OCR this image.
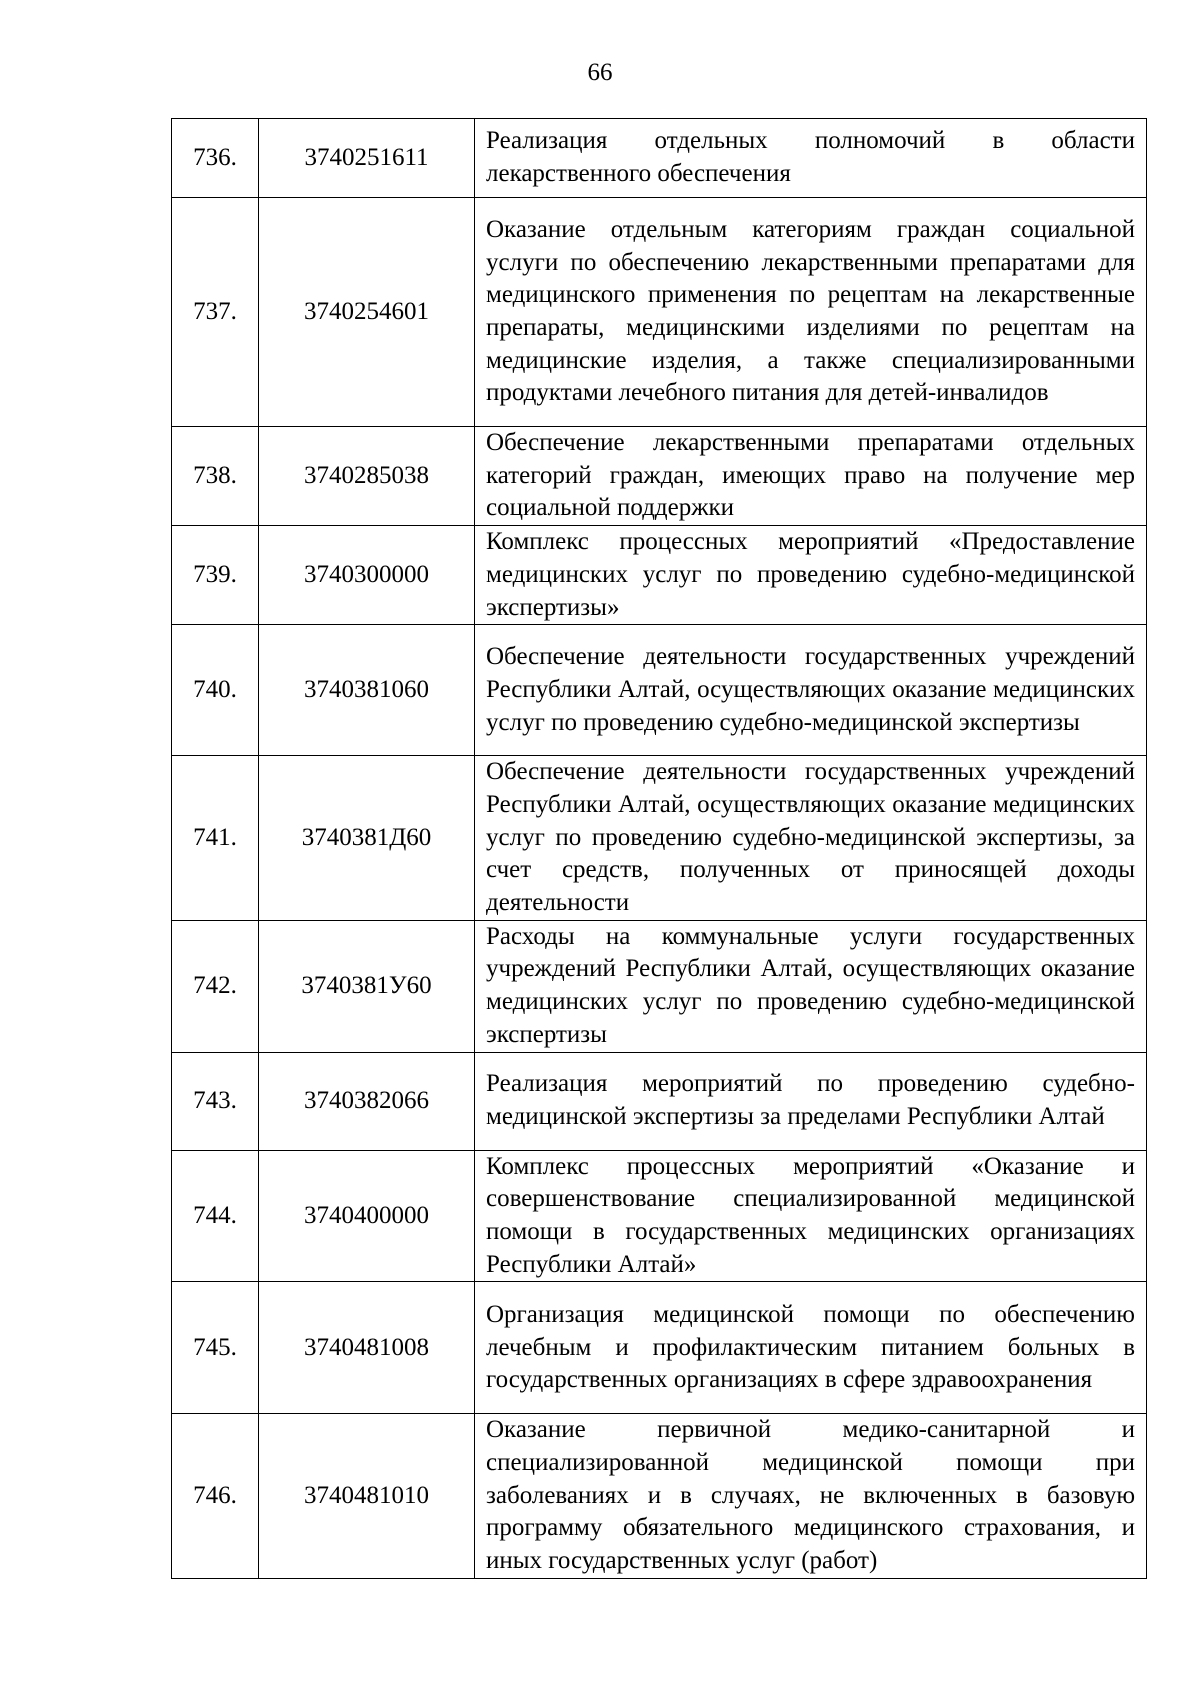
66
736.	3740251611	Реализация отдельных полномочий в области лекарственного обеспечения

737.	3740254601	Оказание отдельным категориям граждан социальной услуги по обеспечению лекарственными препаратами для медицинского применения по рецептам на лекарственные препараты, медицинскими изделиями по рецептам на медицинские изделия, а также специализированными продуктами лечебного питания для детей-инвалидов

738.	3740285038	Обеспечение лекарственными препаратами отдельных категорий граждан, имеющих право на получение мер социальной поддержки

739.	3740300000	Комплекс процессных мероприятий «Предоставление медицинских услуг по проведению судебно-медицинской экспертизы»

740.	3740381060	Обеспечение деятельности государственных учреждений Республики Алтай, осуществляющих оказание медицинских услуг по проведению судебно-медицинской экспертизы

741.	3740381Д60	Обеспечение деятельности государственных учреждений Республики Алтай, осуществляющих оказание медицинских услуг по проведению судебно-медицинской экспертизы, за счет средств, полученных от приносящей доходы деятельности

742.	3740381У60	Расходы на коммунальные услуги государственных учреждений Республики Алтай, осуществляющих оказание медицинских услуг по проведению судебно-медицинской экспертизы

743.	3740382066	Реализация мероприятий по проведению судебно-медицинской экспертизы за пределами Республики Алтай

744.	3740400000	Комплекс процессных мероприятий «Оказание и совершенствование специализированной медицинской помощи в государственных медицинских организациях Республики Алтай»

745.	3740481008	Организация медицинской помощи по обеспечению лечебным и профилактическим питанием больных в государственных организациях в сфере здравоохранения

746.	3740481010	Оказание первичной медико-санитарной и специализированной медицинской помощи при заболеваниях и в случаях, не включенных в базовую программу обязательного медицинского страхования, и иных государственных услуг (работ)
